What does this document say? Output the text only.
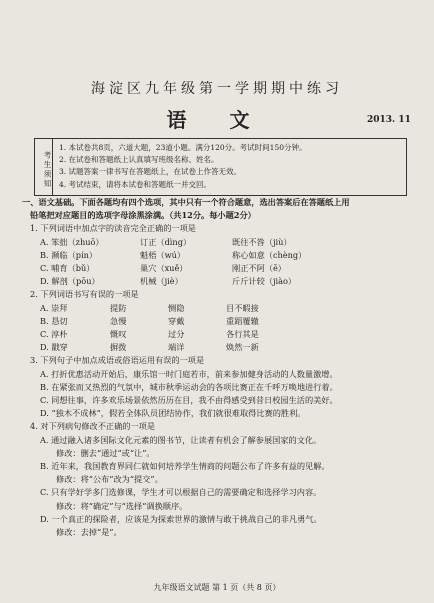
海淀区九年级第一学期期中练习
语 文	2013. 11
考生须知
1. 本试卷共8页，六道大题，23道小题。满分120分。考试时间150分钟。
2. 在试卷和答题纸上认真填写班级名称、姓名。
3. 试题答案一律书写在答题纸上，在试卷上作答无效。
4. 考试结束，请将本试卷和答题纸一并交回。
一、语文基础。下面各题均有四个选项，其中只有一个符合题意，选出答案后在答题纸上用
铅笔把对应题目的选项字母涂黑涂满。（共12分。每小题2分）
1. 下列词语中加点字的读音完全正确的一项是
A. 笨拙（zhuō）	订正（dìng）	既往不咎（jiù）
B. 濒临（pín）	魁梧（wú）	称心如意（chèng）
C. 哺育（bǔ）	巢穴（xuě）	刚正不阿（ē）
D. 解剖（pōu）	机械（jiè）	斤斤计较（jiào）
2. 下列词语书写有误的一项是
A. 崇拜	提防	恻隐	目不暇接
B. 恳切	急慢	穿戴	重蹈覆辙
C. 淳朴	慨叹	过分	各行其是
D. 戳穿	摒拨	端详	焕然一新
3. 下列句子中加点成语或俗语运用有误的一项是
A. 打折优惠活动开始后，康乐馆一时门庭若市，前来参加健身活动的人数量激增。
B. 在紧张而又热烈的气氛中，城市秋季运动会的各项比赛正在千呼万唤地进行着。
C. 同想往事，许多欢乐场景依然历历在目，我不由得感受到昔日校园生活的美好。
D. “独木不成林”，假若全体队员团结协作，我们就很难取得比赛的胜利。
4. 对下列病句修改不正确的一项是
A. 通过融入诸多国际文化元素的图书节，让读者有机会了解参展国家的文化。
修改：删去“通过”或“让”。
B. 近年来，我国教育界同仁就如何培养学生情商的问题公布了许多有益的见解。
修改：将“公布”改为“提交”。
C. 只有学好学多门选修课，学生才可以根据自己的需要确定和选择学习内容。
修改：将“确定”与“选择”调换顺序。
D. 一个真正的探险者，应该是为探索世界的激情与敢于挑战自己的非凡勇气。
修改：去掉“是”。
九年级语文试题 第 1 页（共 8 页）
